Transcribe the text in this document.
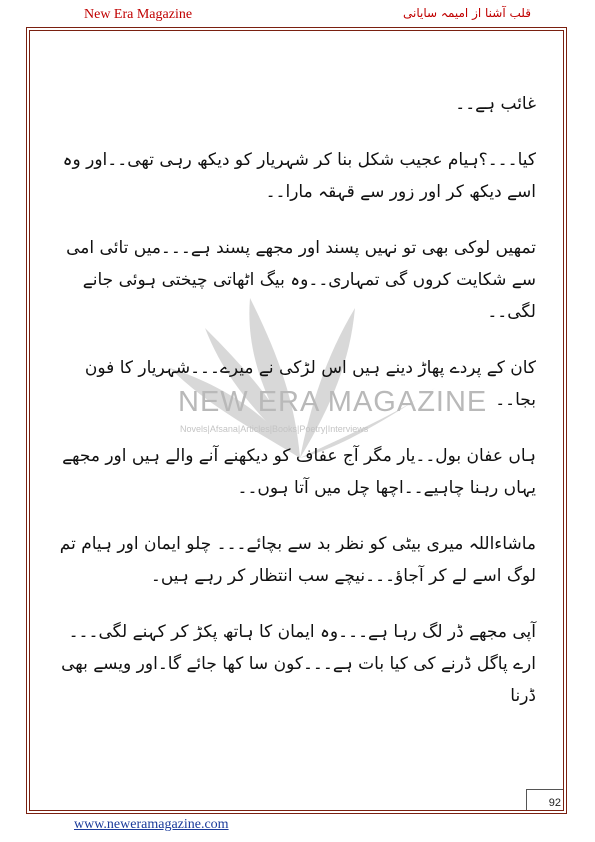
New Era Magazine	قلب آشنا از امیمہ سایانی
NEW ERA MAGAZINE
Novels|Afsana|Articles|Books|Poetry|Interviews

غائب ہے۔۔

کیا۔۔۔؟ہیام عجیب شکل بنا کر شہریار کو دیکھ رہی تھی۔۔اور وہ اسے دیکھ کر اور زور سے قہقہ مارا۔۔

تمھیں لوکی بھی تو نہیں پسند اور مجھے پسند ہے۔۔۔میں تائی امی سے شکایت کروں گی تمہاری۔۔وہ بیگ اٹھاتی چیختی ہوئی جانے لگی۔۔

کان کے پردے پھاڑ دینے ہیں اس لڑکی نے میرے۔۔۔شہریار کا فون بجا۔۔

ہاں عفان بول۔۔یار مگر آج عفاف کو دیکھنے آنے والے ہیں اور مجھے یہاں رہنا چاہیے۔۔اچھا چل میں آتا ہوں۔۔

ماشاءاللہ میری بیٹی کو نظر بد سے بچائے۔۔۔ چلو ایمان اور ہیام تم لوگ اسے لے کر آجاؤ۔۔۔نیچے سب انتظار کر رہے ہیں۔

آپی مجھے ڈر لگ رہا ہے۔۔۔وہ ایمان کا ہاتھ پکڑ کر کہنے لگی۔۔۔ارے پاگل ڈرنے کی کیا بات ہے۔۔۔کون سا کھا جائے گا۔اور ویسے بھی ڈرنا

92
www.neweramagazine.com
